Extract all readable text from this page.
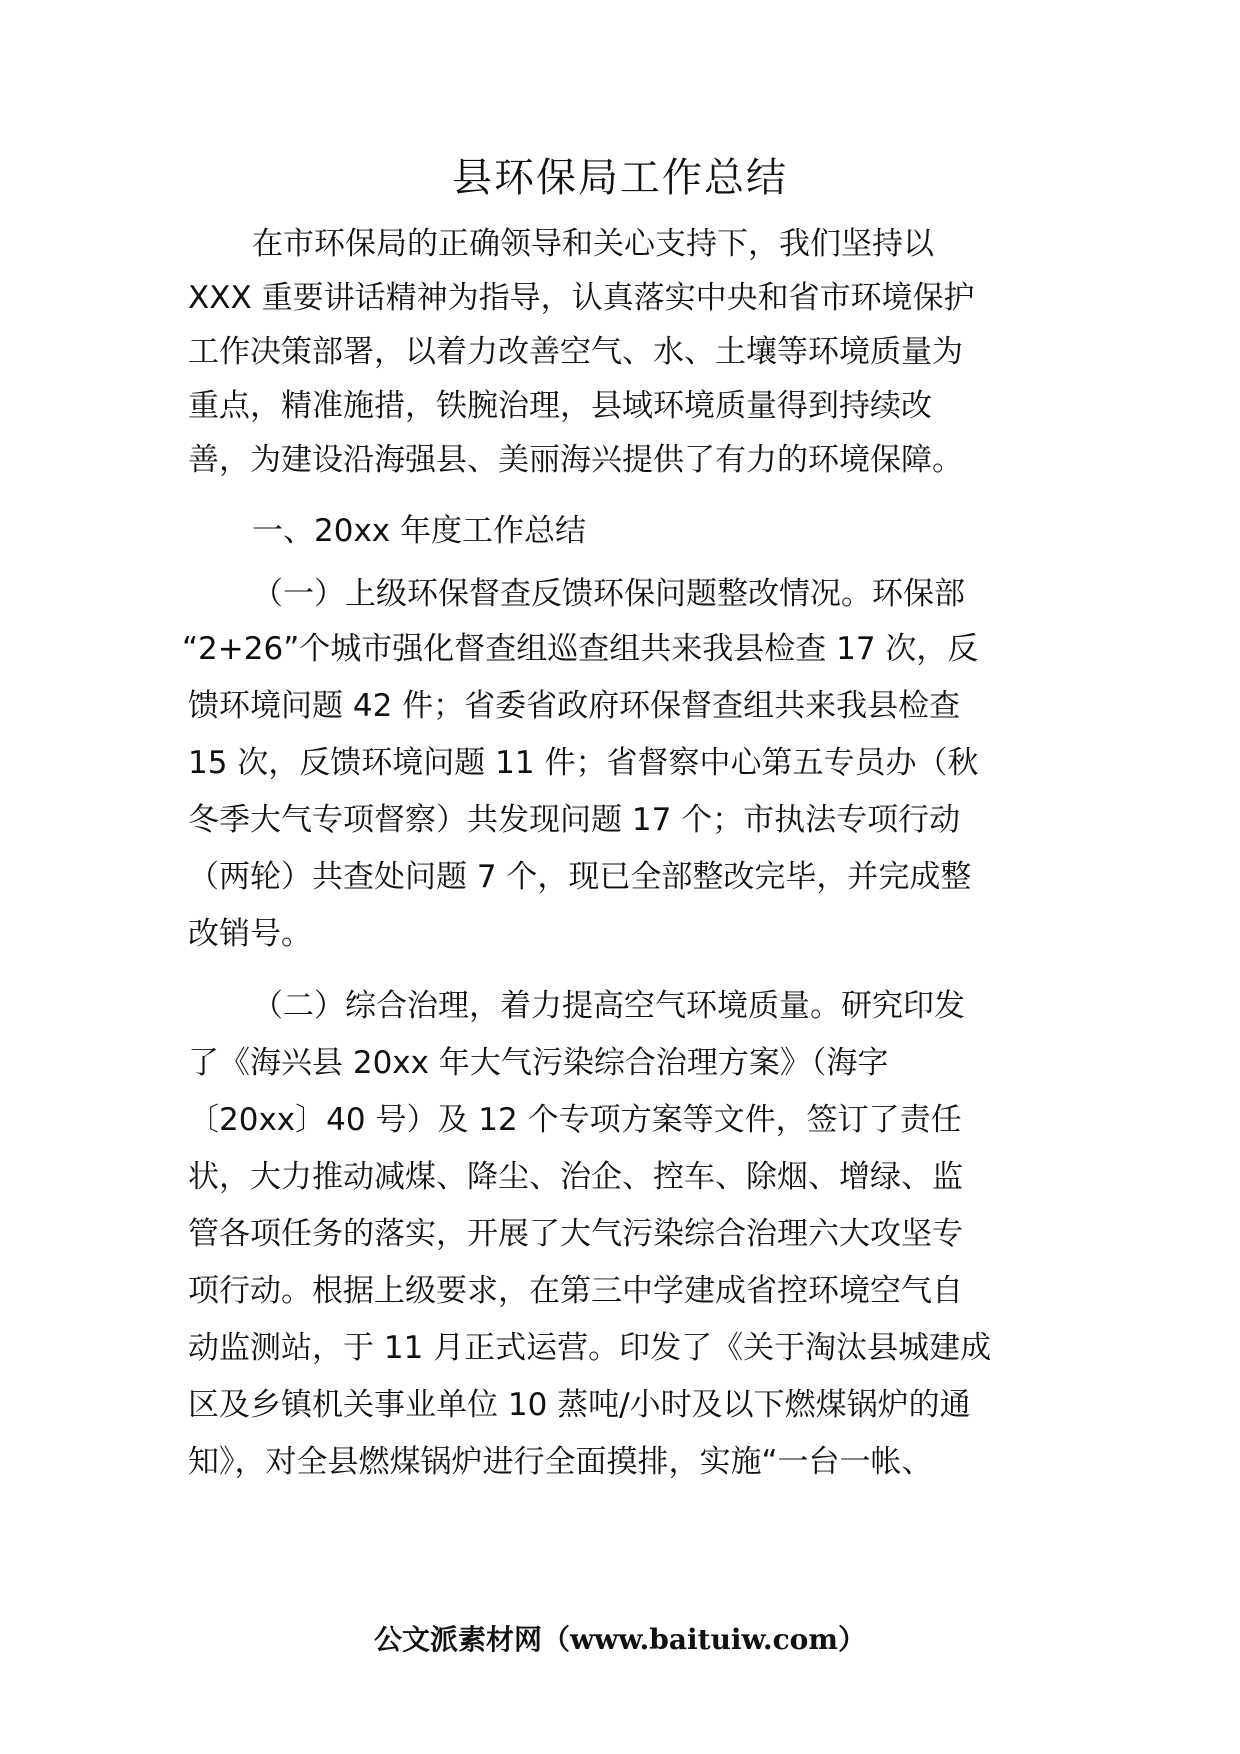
县环保局工作总结
在市环保局的正确领导和关心支持下，我们坚持以
XXX 重要讲话精神为指导，认真落实中央和省市环境保护
工作决策部署，以着力改善空气、水、土壤等环境质量为
重点，精准施措，铁腕治理，县域环境质量得到持续改
善，为建设沿海强县、美丽海兴提供了有力的环境保障。
一、20xx 年度工作总结
（一）上级环保督查反馈环保问题整改情况。环保部
“2+26”个城市强化督查组巡查组共来我县检查 17 次，反
馈环境问题 42 件；省委省政府环保督查组共来我县检查
15 次，反馈环境问题 11 件；省督察中心第五专员办（秋
冬季大气专项督察）共发现问题 17 个；市执法专项行动
（两轮）共查处问题 7 个，现已全部整改完毕，并完成整
改销号。
（二）综合治理，着力提高空气环境质量。研究印发
了《海兴县 20xx 年大气污染综合治理方案》（海字
〔20xx〕40 号）及 12 个专项方案等文件，签订了责任
状，大力推动减煤、降尘、治企、控车、除烟、增绿、监
管各项任务的落实，开展了大气污染综合治理六大攻坚专
项行动。根据上级要求，在第三中学建成省控环境空气自
动监测站，于 11 月正式运营。印发了《关于淘汰县城建成
区及乡镇机关事业单位 10 蒸吨/小时及以下燃煤锅炉的通
知》，对全县燃煤锅炉进行全面摸排，实施“一台一帐、
公文派素材网（www.baituiw.com）
